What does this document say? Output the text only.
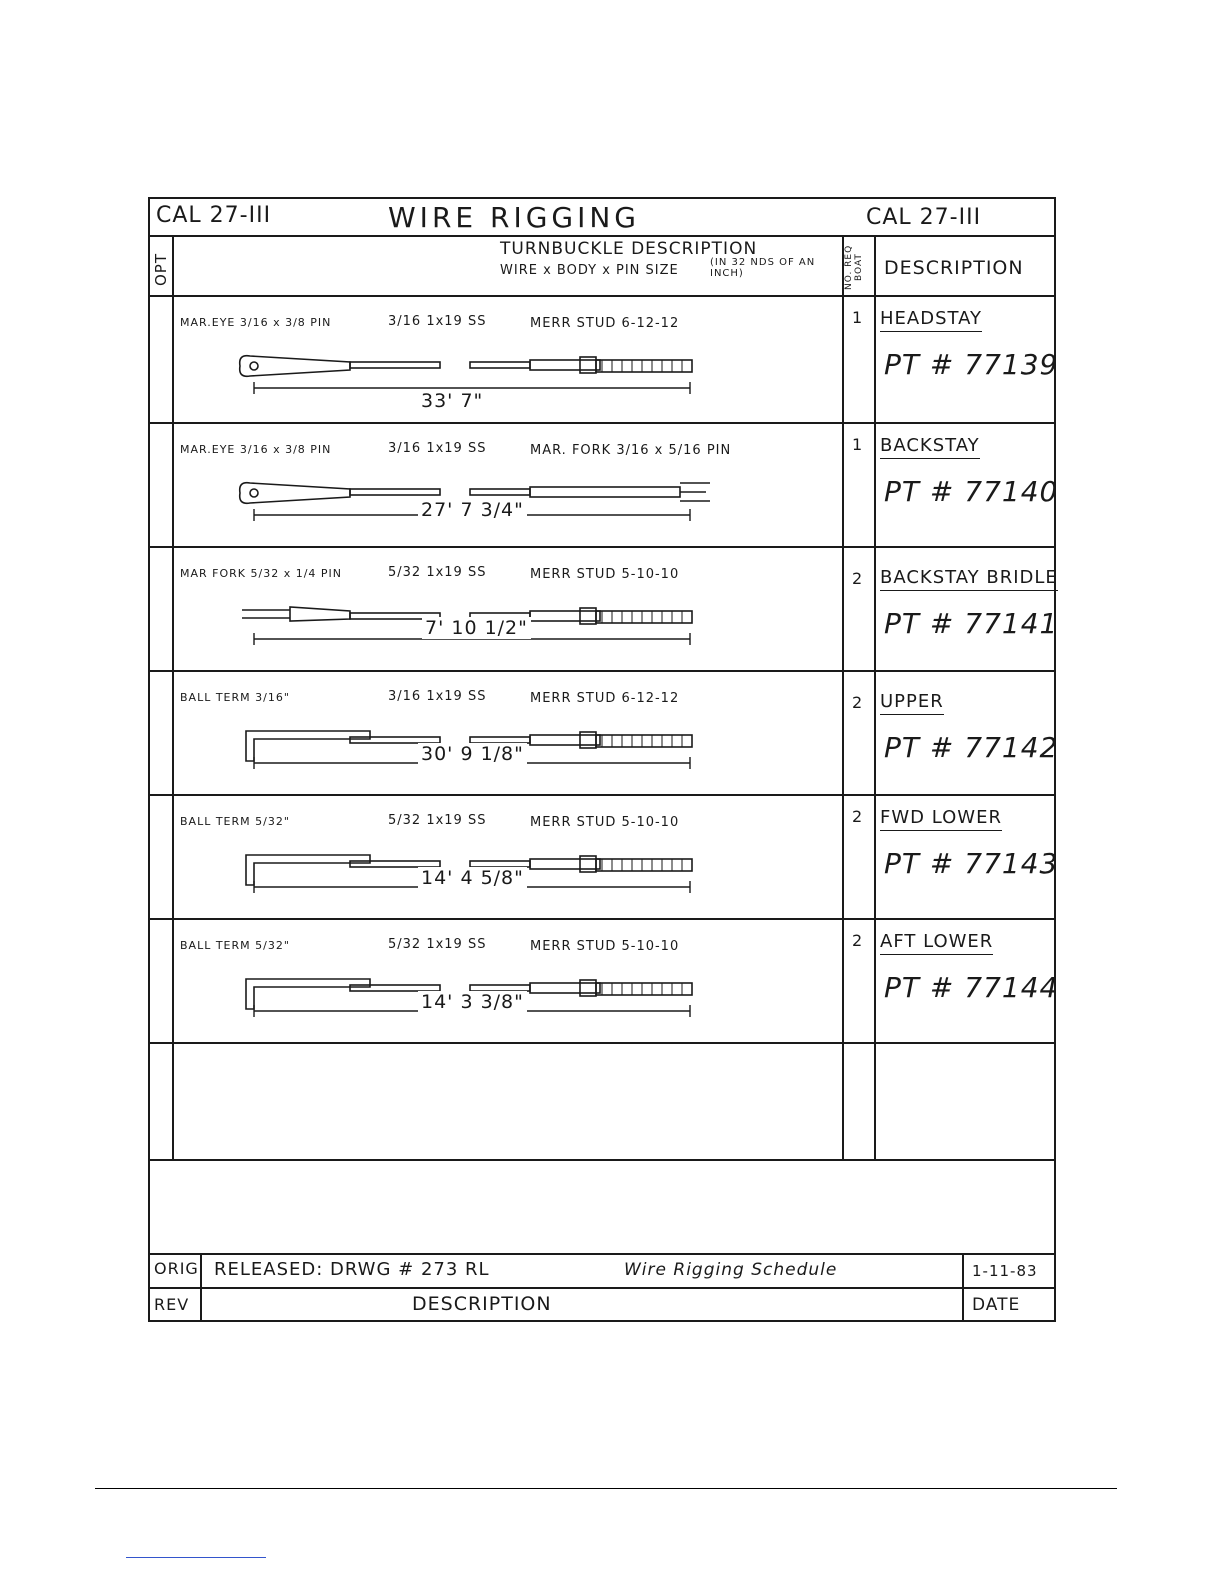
CAL 27-III	WIRE RIGGING	CAL 27-III
OPT
TURNBUCKLE DESCRIPTION
WIRE x BODY x PIN SIZE
(IN 32 NDS OF AN INCH)	NO. REQ BOAT	DESCRIPTION
MAR.EYE 3/16 x 3/8 PIN	3/16 1x19 SS	MERR STUD 6-12-12
33' 7"
1 HEADSTAY
PT # 77139
MAR.EYE 3/16 x 3/8 PIN	3/16 1x19 SS	MAR. FORK 3/16 x 5/16 PIN
27' 7 3/4"
1 BACKSTAY
PT # 77140
MAR FORK 5/32 x 1/4 PIN	5/32 1x19 SS	MERR STUD 5-10-10
7' 10 1/2"
2 BACKSTAY BRIDLE
PT # 77141
BALL TERM 3/16"	3/16 1x19 SS	MERR STUD 6-12-12
30' 9 1/8"
2 UPPER
PT # 77142
BALL TERM 5/32"	5/32 1x19 SS	MERR STUD 5-10-10
14' 4 5/8"
2 FWD LOWER
PT # 77143
BALL TERM 5/32"	5/32 1x19 SS	MERR STUD 5-10-10
14' 3 3/8"
2 AFT LOWER
PT # 77144
ORIG RELEASED: DRWG # 273 RL	Wire Rigging Schedule	1-11-83
REV	DESCRIPTION	DATE
